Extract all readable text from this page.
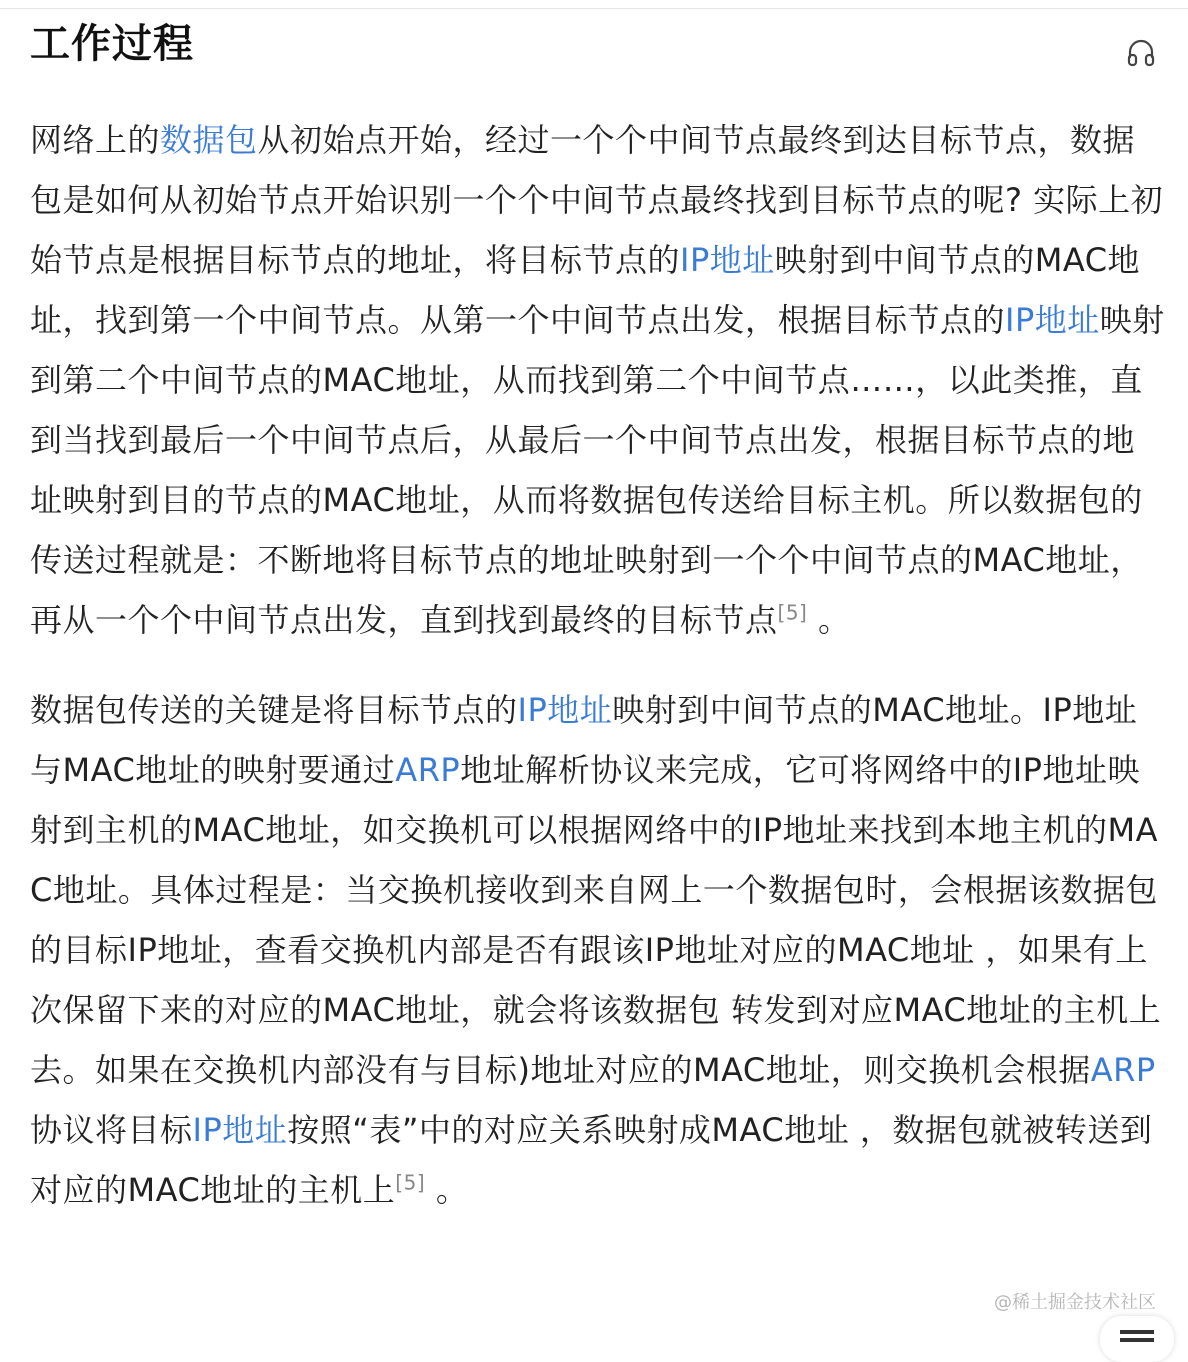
工作过程

网络上的数据包从初始点开始，经过一个个中间节点最终到达目标节点，数据包是如何从初始节点开始识别一个个中间节点最终找到目标节点的呢? 实际上初始节点是根据目标节点的地址，将目标节点的IP地址映射到中间节点的MAC地址，找到第一个中间节点。从第一个中间节点出发，根据目标节点的IP地址映射到第二个中间节点的MAC地址，从而找到第二个中间节点……，以此类推，直到当找到最后一个中间节点后，从最后一个中间节点出发，根据目标节点的地址映射到目的节点的MAC地址，从而将数据包传送给目标主机。所以数据包的传送过程就是：不断地将目标节点的地址映射到一个个中间节点的MAC地址，再从一个个中间节点出发，直到找到最终的目标节点[5] 。

数据包传送的关键是将目标节点的IP地址映射到中间节点的MAC地址。IP地址与MAC地址的映射要通过ARP地址解析协议来完成，它可将网络中的IP地址映射到主机的MAC地址，如交换机可以根据网络中的IP地址来找到本地主机的MAC地址。具体过程是：当交换机接收到来自网上一个数据包时，会根据该数据包的目标IP地址，查看交换机内部是否有跟该IP地址对应的MAC地址 ，如果有上次保留下来的对应的MAC地址，就会将该数据包 转发到对应MAC地址的主机上去。如果在交换机内部没有与目标)地址对应的MAC地址，则交换机会根据ARP协议将目标IP地址按照“表”中的对应关系映射成MAC地址 ，数据包就被转送到对应的MAC地址的主机上[5] 。

@稀土掘金技术社区
